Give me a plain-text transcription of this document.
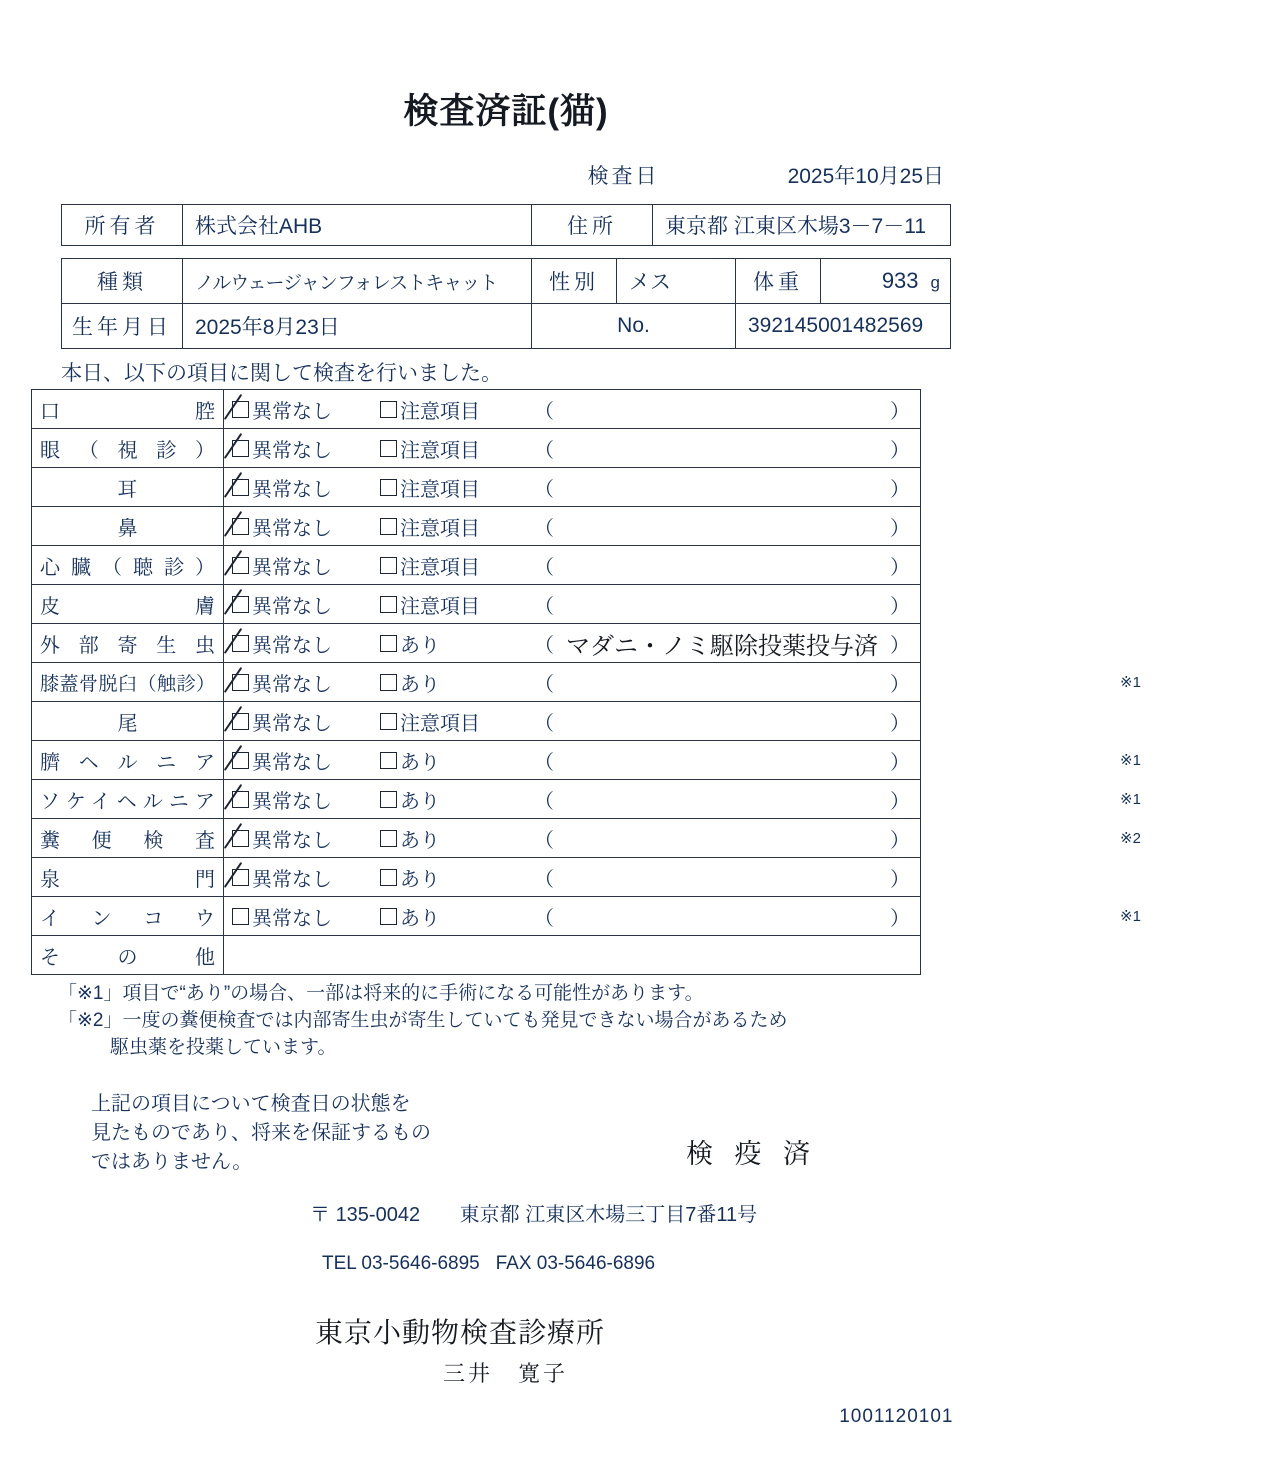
検査済証(猫)
検査日	2025年10月25日
所有者	株式会社AHB	住所	東京都 江東区木場3－7－11
種類	ノルウェージャンフォレストキャット	性別	メス	体重	933 g

生年月日	2025年8月23日	No.		392145001482569	
本日、以下の項目に関して検査を行いました。
口腔	異常なし 注意項目 （ ）

眼（視診）	異常なし 注意項目 （ ）

耳	異常なし 注意項目 （ ）

鼻	異常なし 注意項目 （ ）

心臓（聴診）	異常なし 注意項目 （ ）

皮膚	異常なし 注意項目 （ ）

外部寄生虫	異常なし あり （ マダニ・ノミ駆除投薬投与済 ）

膝蓋骨脱臼（触診）	異常なし あり （ ） ※1

尾	異常なし 注意項目 （ ）

臍ヘルニア	異常なし あり （ ） ※1

ソケイヘルニア	異常なし あり （ ） ※1

糞便検査	異常なし あり （ ） ※2

泉門	異常なし あり （ ）

インコウ	異常なし あり （ ） ※1

その他	

「※1」項目で“あり”の場合、一部は将来的に手術になる可能性があります。

「※2」一度の糞便検査では内部寄生虫が寄生していても発見できない場合があるため

駆虫薬を投薬しています。

上記の項目について検査日の状態を
見たものであり、将来を保証するもの
ではありません。	検 疫 済
〒 135-0042 東京都 江東区木場三丁目7番11号
TEL 03-5646-6895 FAX 03-5646-6896
東京小動物検査診療所
三井　寛子
1001120101
